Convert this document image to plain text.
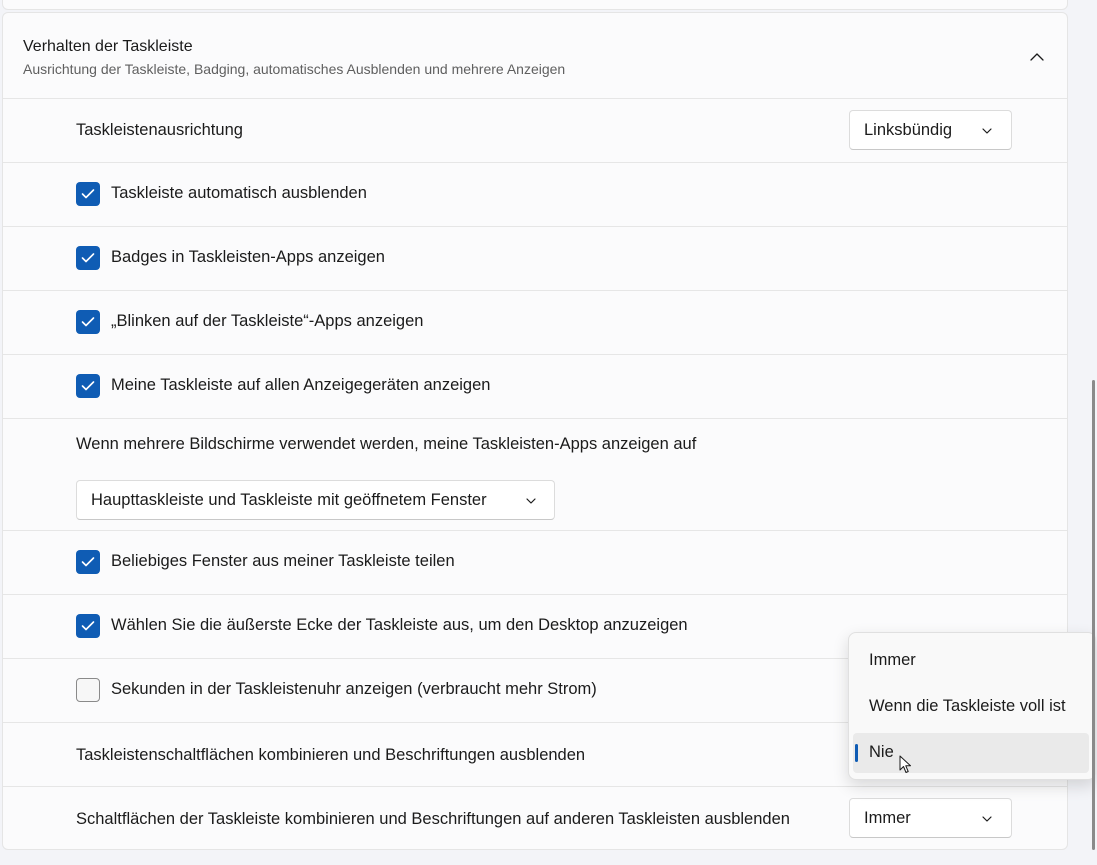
Verhalten der Taskleiste
Ausrichtung der Taskleiste, Badging, automatisches Ausblenden und mehrere Anzeigen
Taskleistenausrichtung	Linksbündig
Taskleiste automatisch ausblenden
Badges in Taskleisten-Apps anzeigen
„Blinken auf der Taskleiste“-Apps anzeigen
Meine Taskleiste auf allen Anzeigegeräten anzeigen
Wenn mehrere Bildschirme verwendet werden, meine Taskleisten-Apps anzeigen auf
Haupttaskleiste und Taskleiste mit geöffnetem Fenster
Beliebiges Fenster aus meiner Taskleiste teilen
Wählen Sie die äußerste Ecke der Taskleiste aus, um den Desktop anzuzeigen
Sekunden in der Taskleistenuhr anzeigen (verbraucht mehr Strom)
Taskleistenschaltflächen kombinieren und Beschriftungen ausblenden
Schaltflächen der Taskleiste kombinieren und Beschriftungen auf anderen Taskleisten ausblenden	Immer
Immer
Wenn die Taskleiste voll ist
Nie
